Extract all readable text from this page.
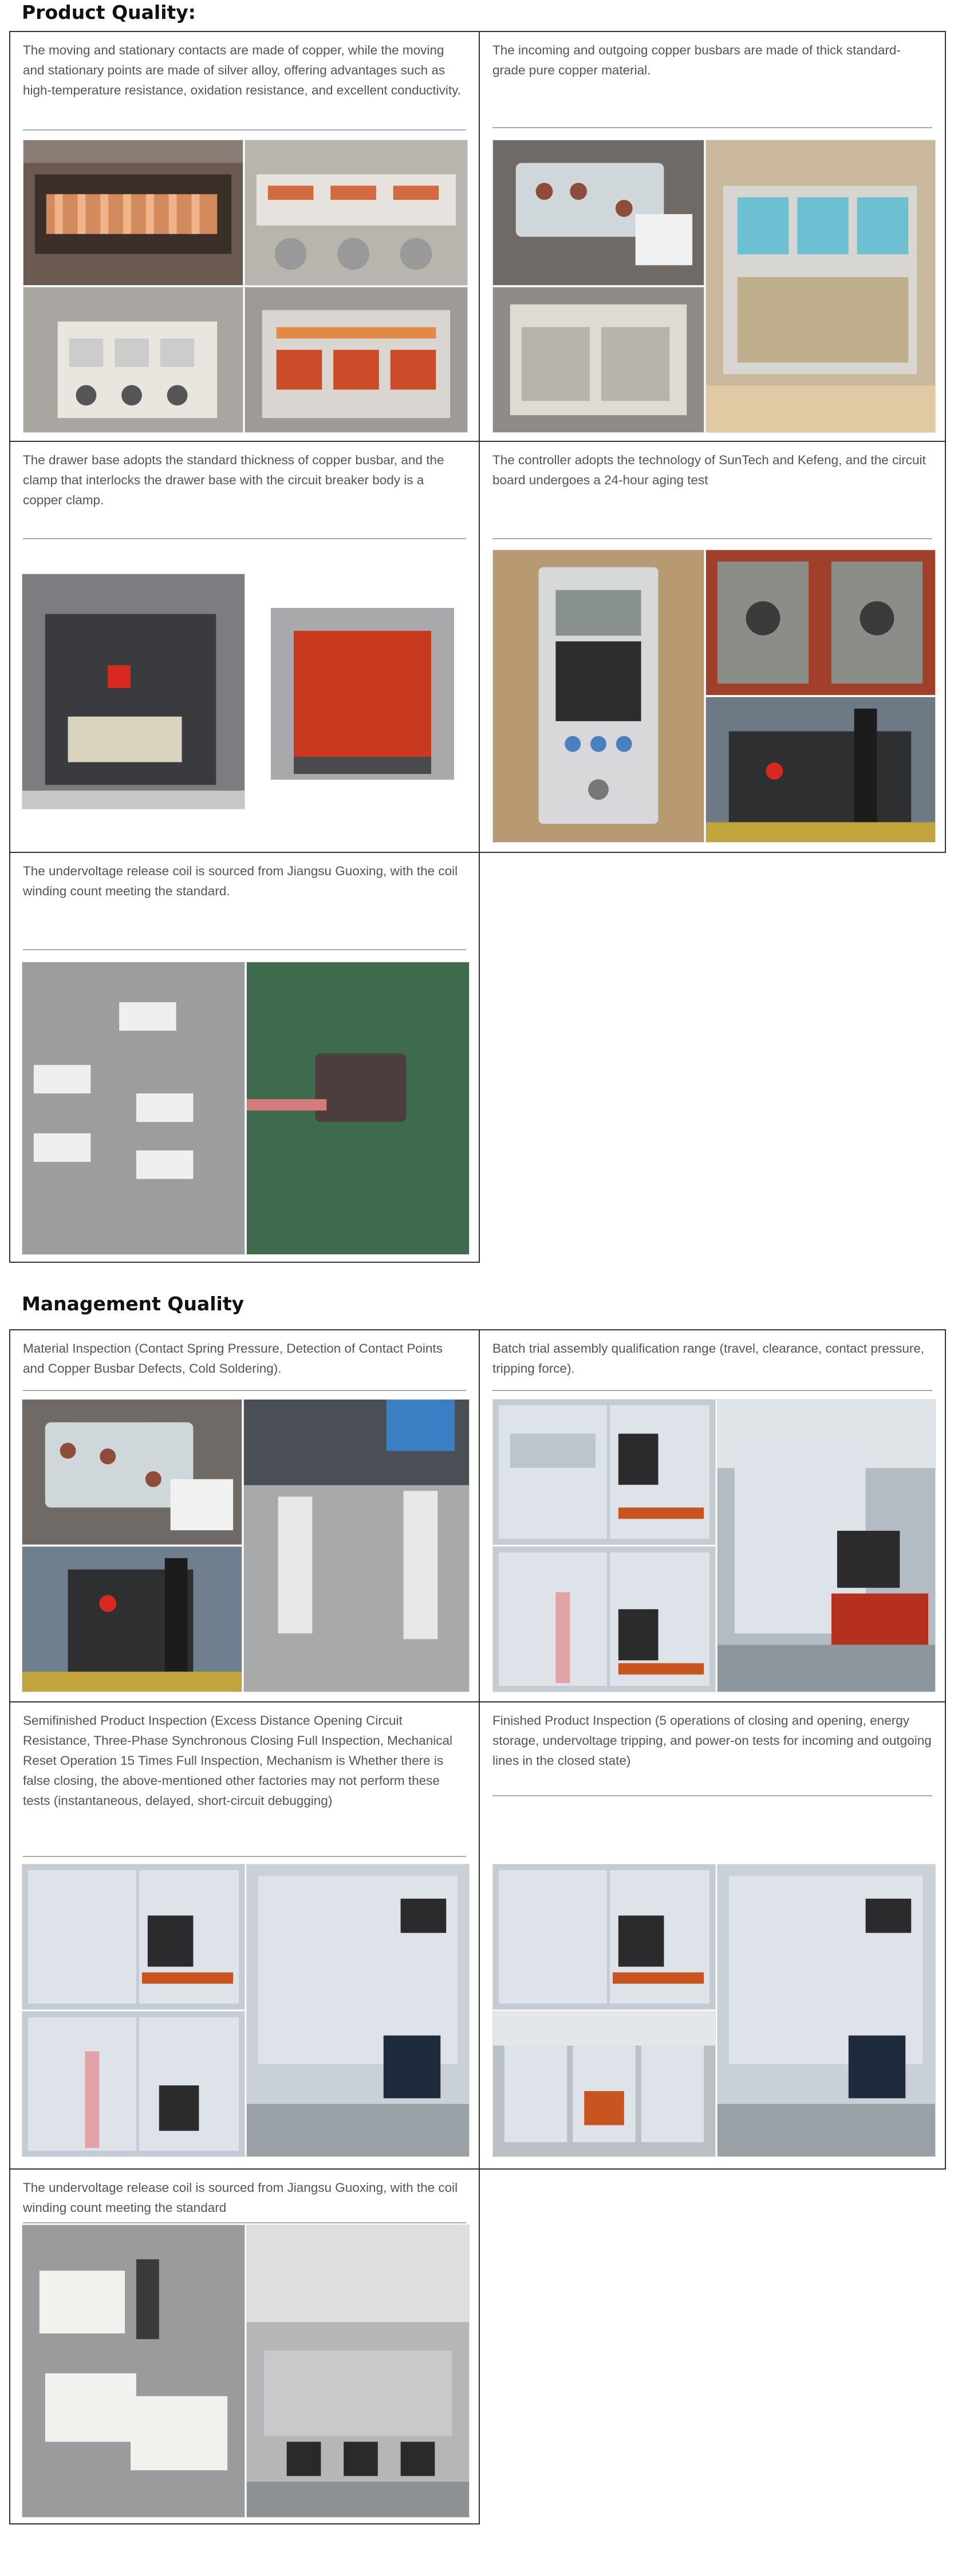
Product Quality:

The moving and stationary contacts are made of copper, while the moving and stationary points are made of silver alloy, offering advantages such as high-temperature resistance, oxidation resistance, and excellent conductivity.

The incoming and outgoing copper busbars are made of thick standard-grade pure copper material.

The drawer base adopts the standard thickness of copper busbar, and the clamp that interlocks the drawer base with the circuit breaker body is a copper clamp.

The controller adopts the technology of SunTech and Kefeng, and the circuit board undergoes a 24-hour aging test

The undervoltage release coil is sourced from Jiangsu Guoxing, with the coil winding count meeting the standard.

Management Quality

Material Inspection (Contact Spring Pressure, Detection of Contact Points and Copper Busbar Defects, Cold Soldering).

Batch trial assembly qualification range (travel, clearance, contact pressure, tripping force).

Semifinished Product Inspection (Excess Distance Opening Circuit Resistance, Three-Phase Synchronous Closing Full Inspection, Mechanical Reset Operation 15 Times Full Inspection, Mechanism is Whether there is false closing, the above-mentioned other factories may not perform these tests (instantaneous, delayed, short-circuit debugging)

Finished Product Inspection (5 operations of closing and opening, energy storage, undervoltage tripping, and power-on tests for incoming and outgoing lines in the closed state)

The undervoltage release coil is sourced from Jiangsu Guoxing, with the coil winding count meeting the standard
